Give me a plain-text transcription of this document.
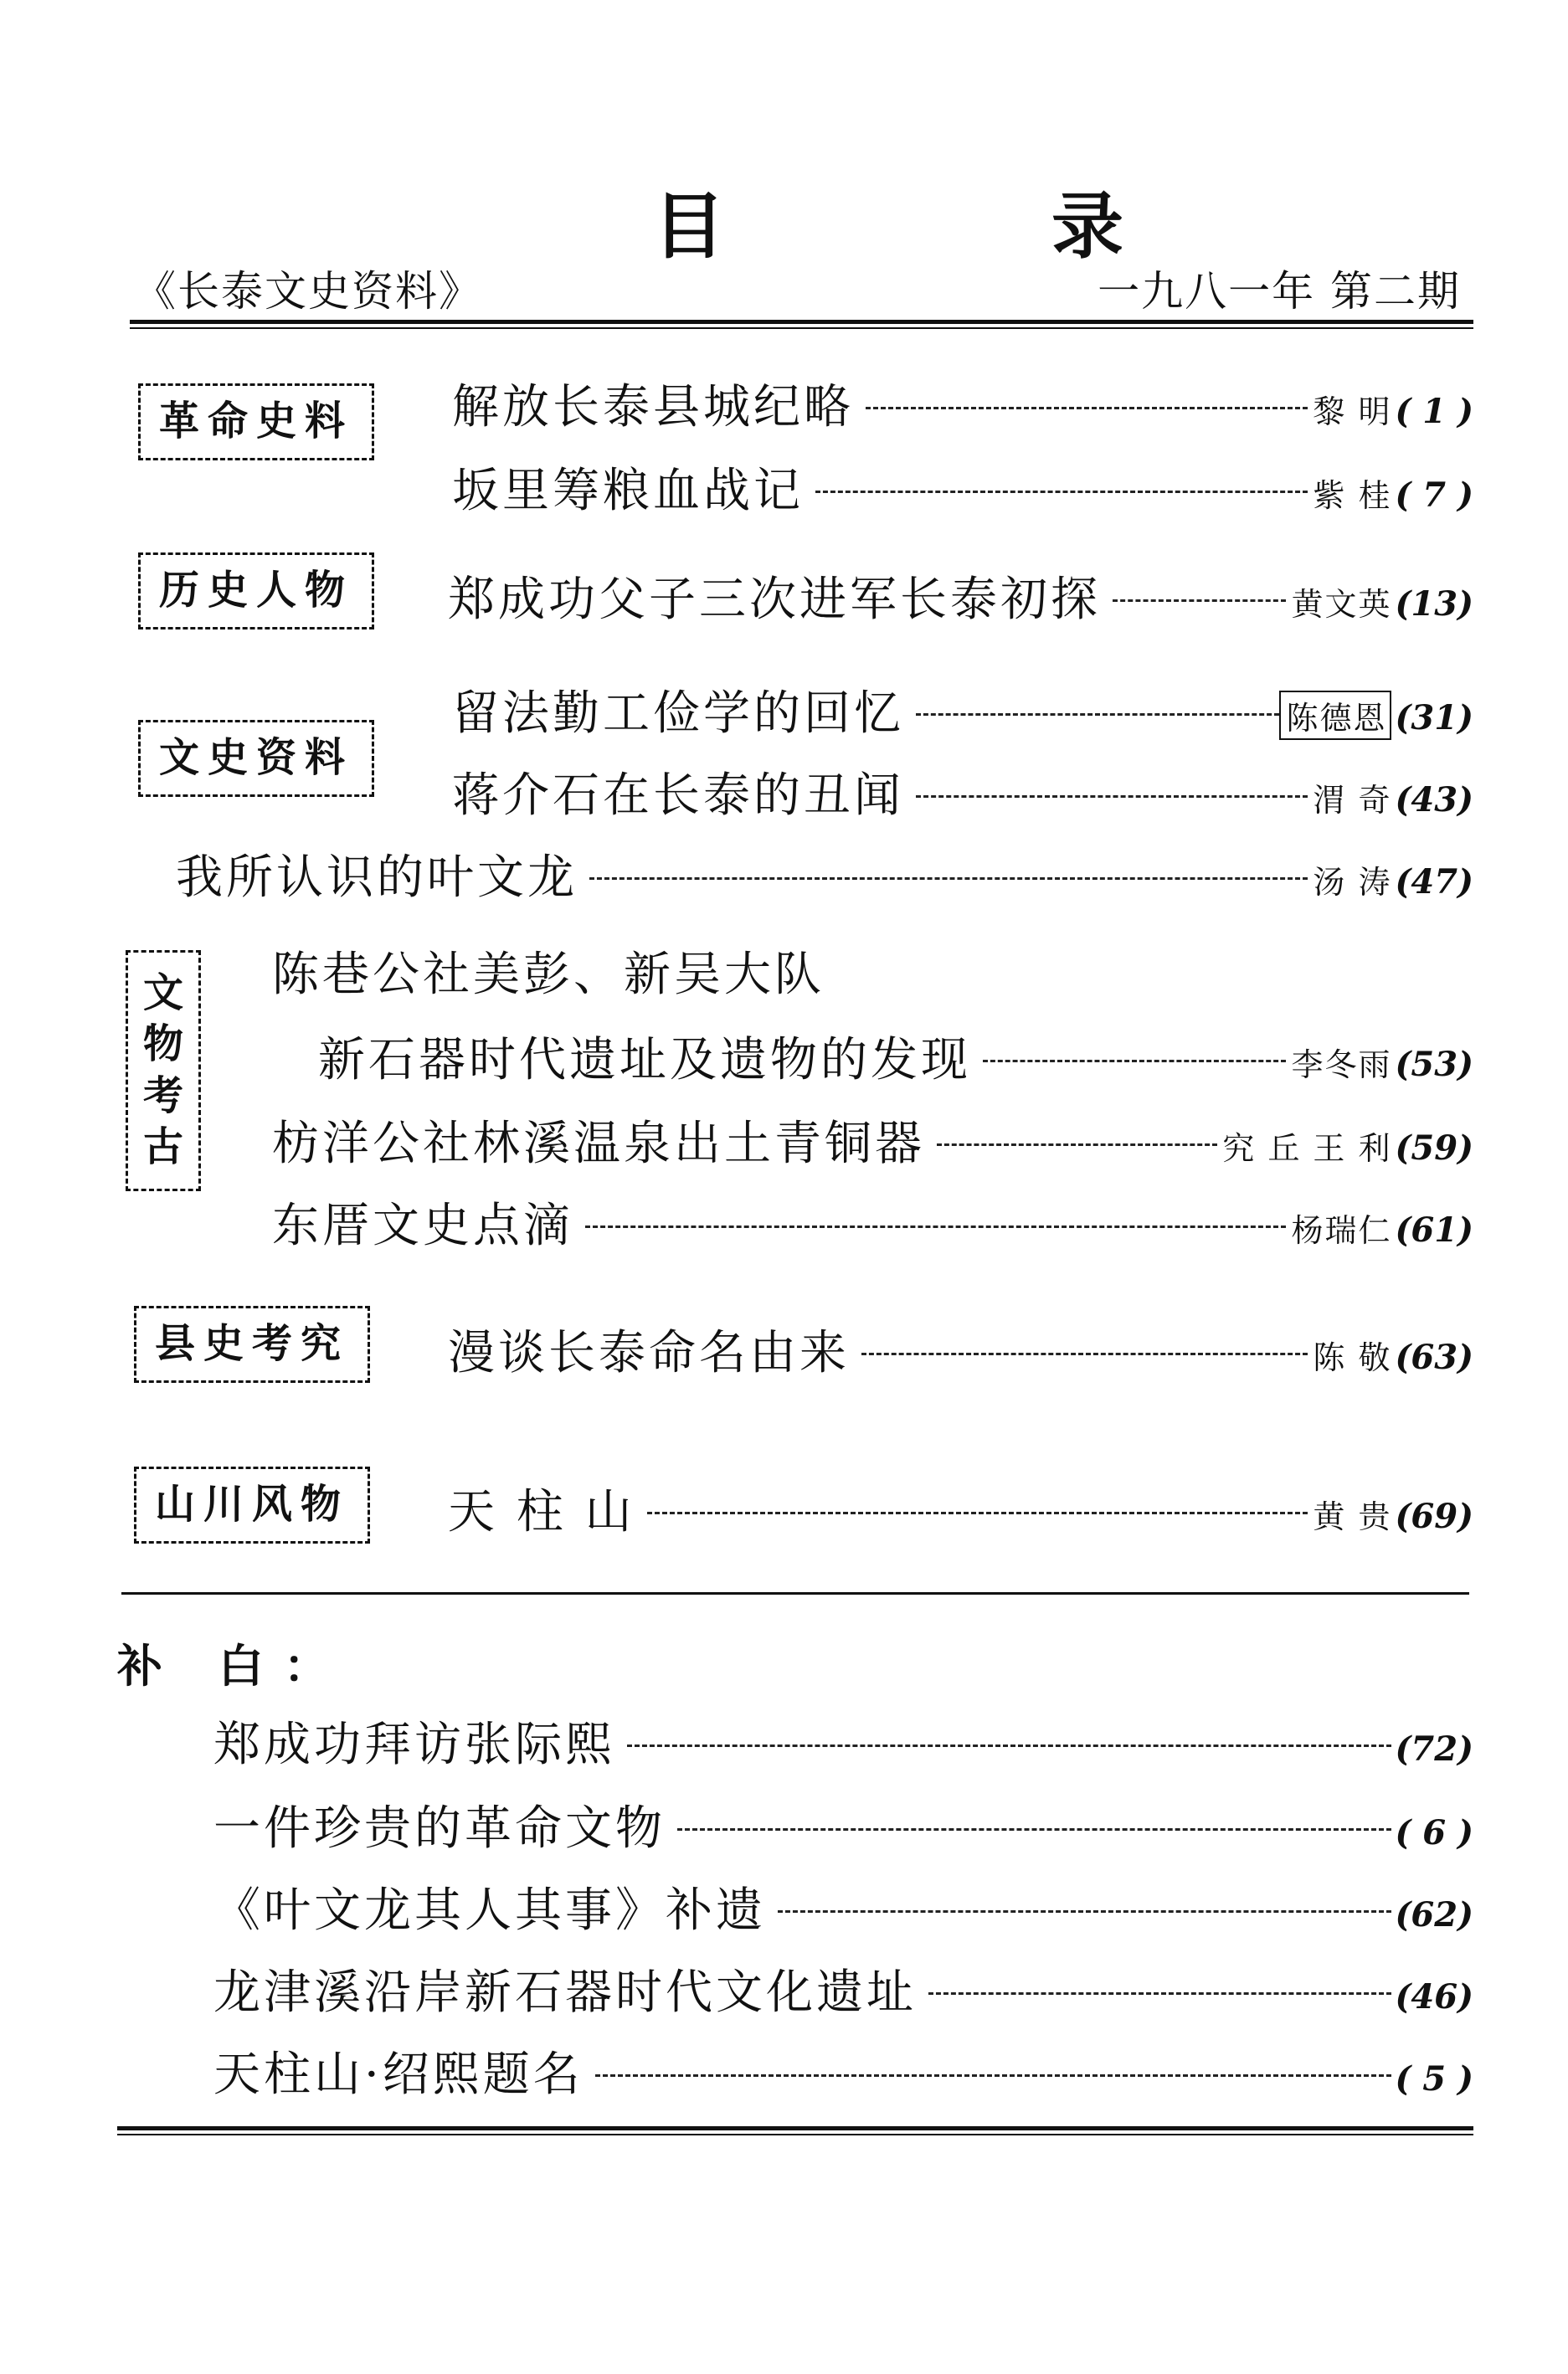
目 录
《长泰文史资料》	一九八一年 第二期
革命史料	解放长泰县城纪略	黎 明 ( 1 )
坂里筹粮血战记	紫 桂 ( 7 )
历史人物	郑成功父子三次进军长泰初探	黄文英 (13)
文史资料
留法勤工俭学的回忆	陈德恩 (31)
蒋介石在长泰的丑闻	渭 奇 (43)
我所认识的叶文龙	汤 涛 (47)
文物考古
陈巷公社美彭、新吴大队
新石器时代遗址及遗物的发现	李冬雨 (53)
枋洋公社林溪温泉出土青铜器	究 丘 王 利 (59)
东厝文史点滴	杨瑞仁 (61)
县史考究	漫谈长泰命名由来	陈 敬 (63)
山川风物	天 柱 山	黄 贵 (69)
补 白：
郑成功拜访张际熙	(72)
一件珍贵的革命文物	( 6 )
《叶文龙其人其事》补遗	(62)
龙津溪沿岸新石器时代文化遗址	(46)
天柱山·绍熙题名	( 5 )
